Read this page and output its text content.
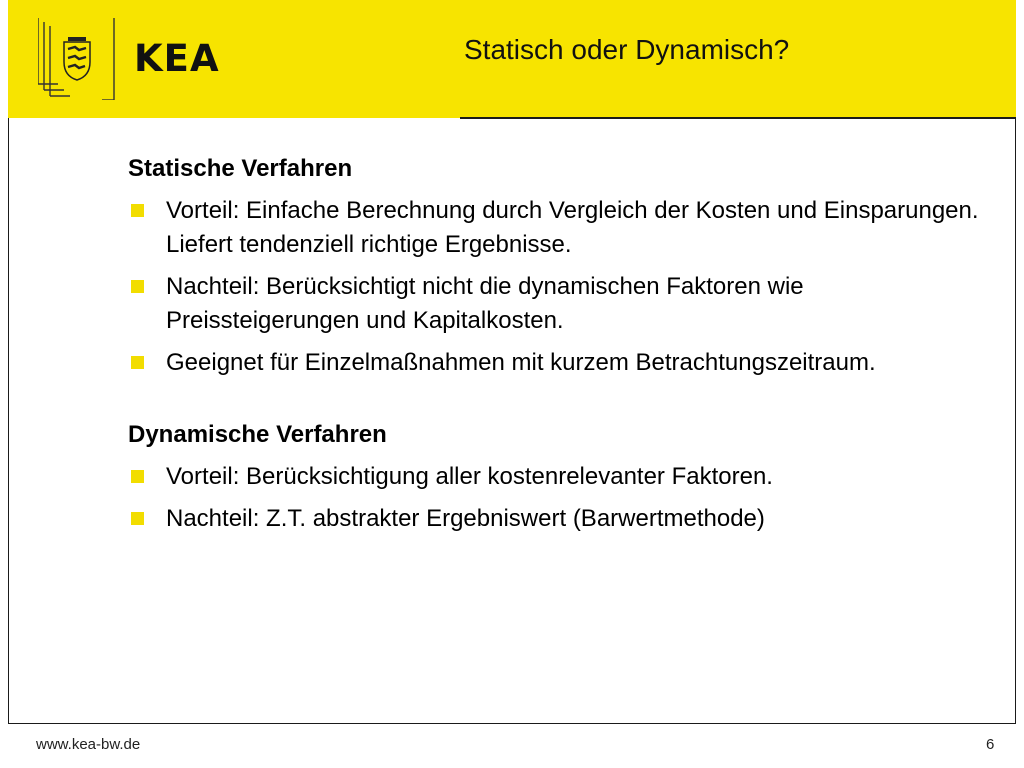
KEA	Statisch oder Dynamisch?
Statische Verfahren
Vorteil: Einfache Berechnung durch Vergleich der Kosten und Einsparungen. Liefert tendenziell richtige Ergebnisse.
Nachteil: Berücksichtigt nicht die dynamischen Faktoren wie Preissteigerungen und Kapitalkosten.
Geeignet für Einzelmaßnahmen mit kurzem Betrachtungszeitraum.
Dynamische Verfahren
Vorteil: Berücksichtigung aller kostenrelevanter Faktoren.
Nachteil: Z.T. abstrakter Ergebniswert (Barwertmethode)
www.kea-bw.de	6
